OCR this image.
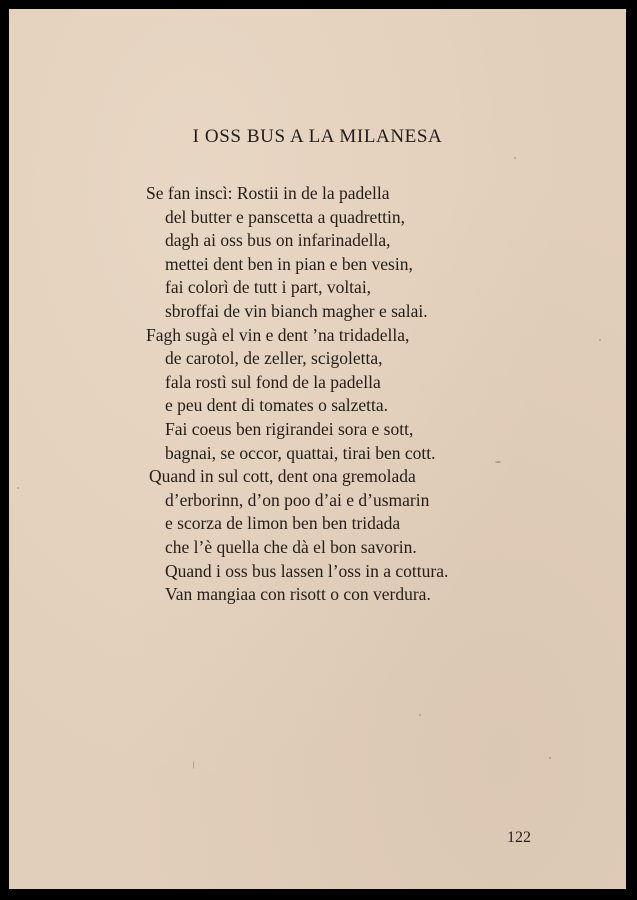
I OSS BUS A LA MILANESA
Se fan inscì: Rostii in de la padella
del butter e panscetta a quadrettin,
dagh ai oss bus on infarinadella,
mettei dent ben in pian e ben vesin,
fai colorì de tutt i part, voltai,
sbroffai de vin bianch magher e salai.
Fagh sugà el vin e dent ’na tridadella,
de carotol, de zeller, scigoletta,
fala rostì sul fond de la padella
e peu dent di tomates o salzetta.
Fai coeus ben rigirandei sora e sott,
bagnai, se occor, quattai, tirai ben cott.
Quand in sul cott, dent ona gremolada
d’erborinn, d’on poo d’ai e d’usmarin
e scorza de limon ben ben tridada
che l’è quella che dà el bon savorin.
Quand i oss bus lassen l’oss in a cottura.
Van mangiaa con risott o con verdura.
122
